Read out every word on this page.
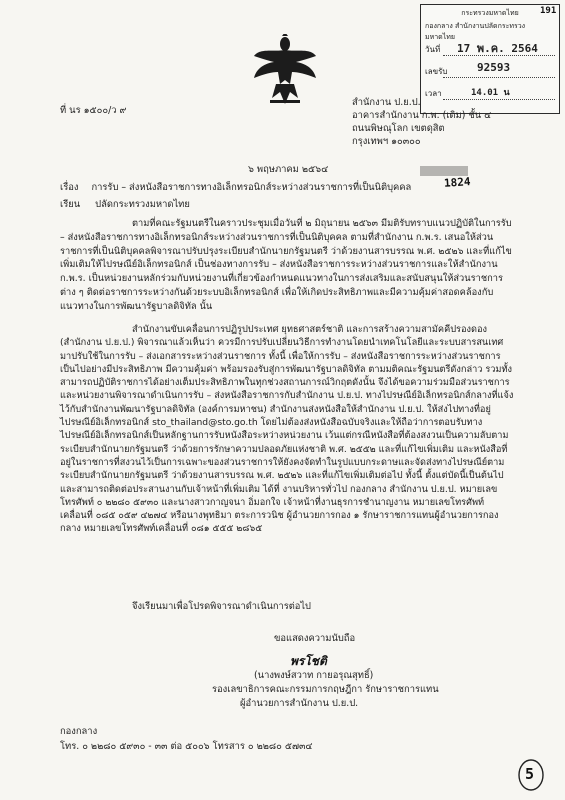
กระทรวงมหาดไทย
กองกลาง สำนักงานปลัดกระทรวงมหาดไทย
วันที่ 17 พ.ค. 2564
เลขรับ	92593
เวลา	14.01 น
191
ที่ นร ๑๕๐๐/ว ๙
สำนักงาน ป.ย.ป.
อาคารสำนักงาน ก.พ. (เดิม) ชั้น ๔
ถนนพิษณุโลก เขตดุสิต
กรุงเทพฯ ๑๐๓๐๐
๖ พฤษภาคม ๒๕๖๔
1824
เรื่อง การรับ – ส่งหนังสือราชการทางอิเล็กทรอนิกส์ระหว่างส่วนราชการที่เป็นนิติบุคคล
เรียน ปลัดกระทรวงมหาดไทย
ตามที่คณะรัฐมนตรีในคราวประชุมเมื่อวันที่ ๒ มิถุนายน ๒๕๖๓ มีมติรับทราบแนวปฏิบัติในการรับ – ส่งหนังสือราชการทางอิเล็กทรอนิกส์ระหว่างส่วนราชการที่เป็นนิติบุคคล ตามที่สำนักงาน ก.พ.ร. เสนอให้ส่วนราชการที่เป็นนิติบุคคลพิจารณาปรับปรุงระเบียบสำนักนายกรัฐมนตรี ว่าด้วยงานสารบรรณ พ.ศ. ๒๕๒๖ และที่แก้ไขเพิ่มเติมให้ไปรษณีย์อิเล็กทรอนิกส์ เป็นช่องทางการรับ – ส่งหนังสือราชการระหว่างส่วนราชการและให้สำนักงาน ก.พ.ร. เป็นหน่วยงานหลักร่วมกับหน่วยงานที่เกี่ยวข้องกำหนดแนวทางในการส่งเสริมและสนับสนุนให้ส่วนราชการต่าง ๆ ติดต่อราชการระหว่างกันด้วยระบบอิเล็กทรอนิกส์ เพื่อให้เกิดประสิทธิภาพและมีความคุ้มค่าสอดคล้องกับแนวทางในการพัฒนารัฐบาลดิจิทัล นั้น
สำนักงานขับเคลื่อนการปฏิรูปประเทศ ยุทธศาสตร์ชาติ และการสร้างความสามัคคีปรองดอง (สำนักงาน ป.ย.ป.) พิจารณาแล้วเห็นว่า ควรมีการปรับเปลี่ยนวิธีการทำงานโดยนำเทคโนโลยีและระบบสารสนเทศมาปรับใช้ในการรับ – ส่งเอกสารระหว่างส่วนราชการ ทั้งนี้ เพื่อให้การรับ – ส่งหนังสือราชการระหว่างส่วนราชการเป็นไปอย่างมีประสิทธิภาพ มีความคุ้มค่า พร้อมรองรับสู่การพัฒนารัฐบาลดิจิทัล ตามมติคณะรัฐมนตรีดังกล่าว รวมทั้งสามารถปฏิบัติราชการได้อย่างเต็มประสิทธิภาพในทุกช่วงสถานการณ์วิกฤตดังนั้น จึงได้ขอความร่วมมือส่วนราชการและหน่วยงานพิจารณาดำเนินการรับ – ส่งหนังสือราชการกับสำนักงาน ป.ย.ป. ทางไปรษณีย์อิเล็กทรอนิกส์กลางที่แจ้งไว้กับสำนักงานพัฒนารัฐบาลดิจิทัล (องค์การมหาชน) สำนักงานส่งหนังสือให้สำนักงาน ป.ย.ป. ให้ส่งไปทางที่อยู่ไปรษณีย์อิเล็กทรอนิกส์ sto_thailand@sto.go.th โดยไม่ต้องส่งหนังสือฉบับจริงและให้ถือว่าการตอบรับทางไปรษณีย์อิเล็กทรอนิกส์เป็นหลักฐานการรับหนังสือระหว่างหน่วยงาน เว้นแต่กรณีหนังสือที่ต้องสงวนเป็นความลับตามระเบียบสำนักนายกรัฐมนตรี ว่าด้วยการรักษาความปลอดภัยแห่งชาติ พ.ศ. ๒๕๕๒ และที่แก้ไขเพิ่มเติม และหนังสือที่อยู่ในราชการที่สงวนไว้เป็นการเฉพาะของส่วนราชการให้ยังคงจัดทำในรูปแบบกระดาษและจัดส่งทางไปรษณีย์ตามระเบียบสำนักนายกรัฐมนตรี ว่าด้วยงานสารบรรณ พ.ศ. ๒๕๒๖ และที่แก้ไขเพิ่มเติมต่อไป ทั้งนี้ ตั้งแต่บัดนี้เป็นต้นไป และสามารถติดต่อประสานงานกับเจ้าหน้าที่เพิ่มเติม ได้ที่ งานบริหารทั่วไป กองกลาง สำนักงาน ป.ย.ป. หมายเลขโทรศัพท์ ๐ ๒๒๘๐ ๕๙๓๐ และนางสาวกาญจนา อิ่มอกใจ เจ้าหน้าที่งานธุรการชำนาญงาน หมายเลขโทรศัพท์เคลื่อนที่ ๐๘๕ ๐๕๙ ๔๒๗๔ หรือนางพุทธิมา ตระการวนิช ผู้อำนวยการกอง ๑ รักษาราชการแทนผู้อำนวยการกองกลาง หมายเลขโทรศัพท์เคลื่อนที่ ๐๘๑ ๕๕๕ ๒๘๖๕
จึงเรียนมาเพื่อโปรดพิจารณาดำเนินการต่อไป
ขอแสดงความนับถือ
พรโชติ
(นางพงษ์สวาท กายอรุณสุทธิ์)
รองเลขาธิการคณะกรรมการกฤษฎีกา รักษาราชการแทน
ผู้อำนวยการสำนักงาน ป.ย.ป.
กองกลาง
โทร. ๐ ๒๒๘๐ ๕๙๓๐ - ๓๓ ต่อ ๕๐๐๖ โทรสาร ๐ ๒๒๘๐ ๕๗๓๔
5
